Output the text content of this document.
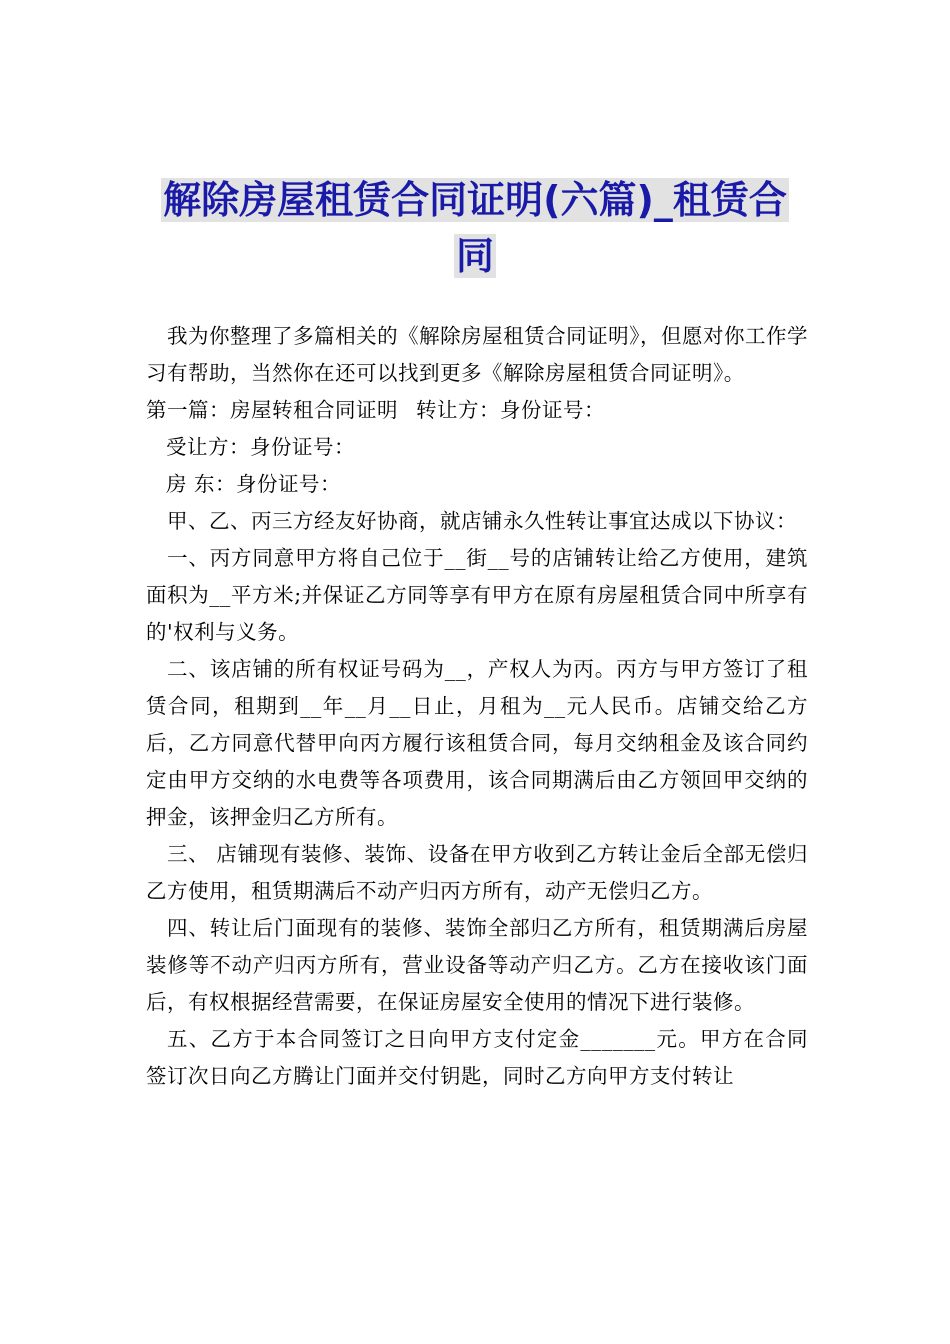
解除房屋租赁合同证明(六篇)_租赁合
同

我为你整理了多篇相关的《解除房屋租赁合同证明》，但愿对你工作学习有帮助，当然你在还可以找到更多《解除房屋租赁合同证明》。

第一篇：房屋转租合同证明 转让方：身份证号：

受让方：身份证号：

房 东：身份证号：

甲、乙、丙三方经友好协商，就店铺永久性转让事宜达成以下协议：

一、丙方同意甲方将自己位于__街__号的店铺转让给乙方使用，建筑面积为__平方米;并保证乙方同等享有甲方在原有房屋租赁合同中所享有的'权利与义务。

二、该店铺的所有权证号码为__，产权人为丙。丙方与甲方签订了租赁合同，租期到__年__月__日止，月租为__元人民币。店铺交给乙方后，乙方同意代替甲向丙方履行该租赁合同，每月交纳租金及该合同约定由甲方交纳的水电费等各项费用，该合同期满后由乙方领回甲交纳的押金，该押金归乙方所有。

三、 店铺现有装修、装饰、设备在甲方收到乙方转让金后全部无偿归乙方使用，租赁期满后不动产归丙方所有，动产无偿归乙方。

四、转让后门面现有的装修、装饰全部归乙方所有，租赁期满后房屋装修等不动产归丙方所有，营业设备等动产归乙方。乙方在接收该门面后，有权根据经营需要，在保证房屋安全使用的情况下进行装修。

五、乙方于本合同签订之日向甲方支付定金_______元。甲方在合同签订次日向乙方腾让门面并交付钥匙，同时乙方向甲方支付转让
